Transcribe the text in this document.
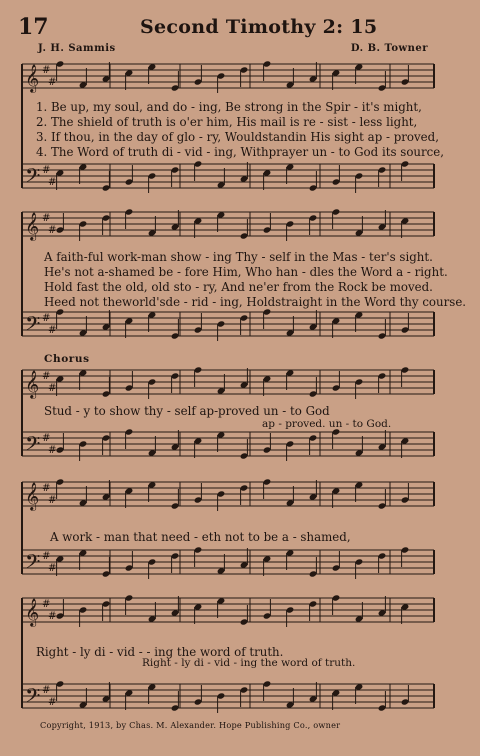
17	Second Timothy 2: 15
J. H. Sammis	D. B. Towner
𝄞 #
#
𝄢 #
#
𝄞 #
#
𝄢 #
#
𝄞 #
#
𝄢 #
#
𝄞 #
#
𝄢 #
#
𝄞 #
#
𝄢 #
#
1. Be up, my soul, and do - ing, Be strong in the Spir - it's might,
2. The shield of truth is o'er him, His mail is re - sist - less light,
3. If thou, in the day of glo - ry, Wouldstandin His sight ap - proved,
4. The Word of truth di - vid - ing, Withprayer un - to God its source,
A faith-ful work-man show - ing Thy - self in the Mas - ter's sight.
He's not a-shamed be - fore Him, Who han - dles the Word a - right.
Hold fast the old, old sto - ry, And ne'er from the Rock be moved.
Heed not theworld'sde - rid - ing, Holdstraight in the Word thy course.
Chorus
Stud - y to show thy - self ap-proved un - to God
ap - proved. un - to God.
A work - man that need - eth not to be a - shamed,
Right - ly di - vid - - ing the word of truth.
Right - ly di - vid - ing the word of truth.
Copyright, 1913, by Chas. M. Alexander. Hope Publishing Co., owner
